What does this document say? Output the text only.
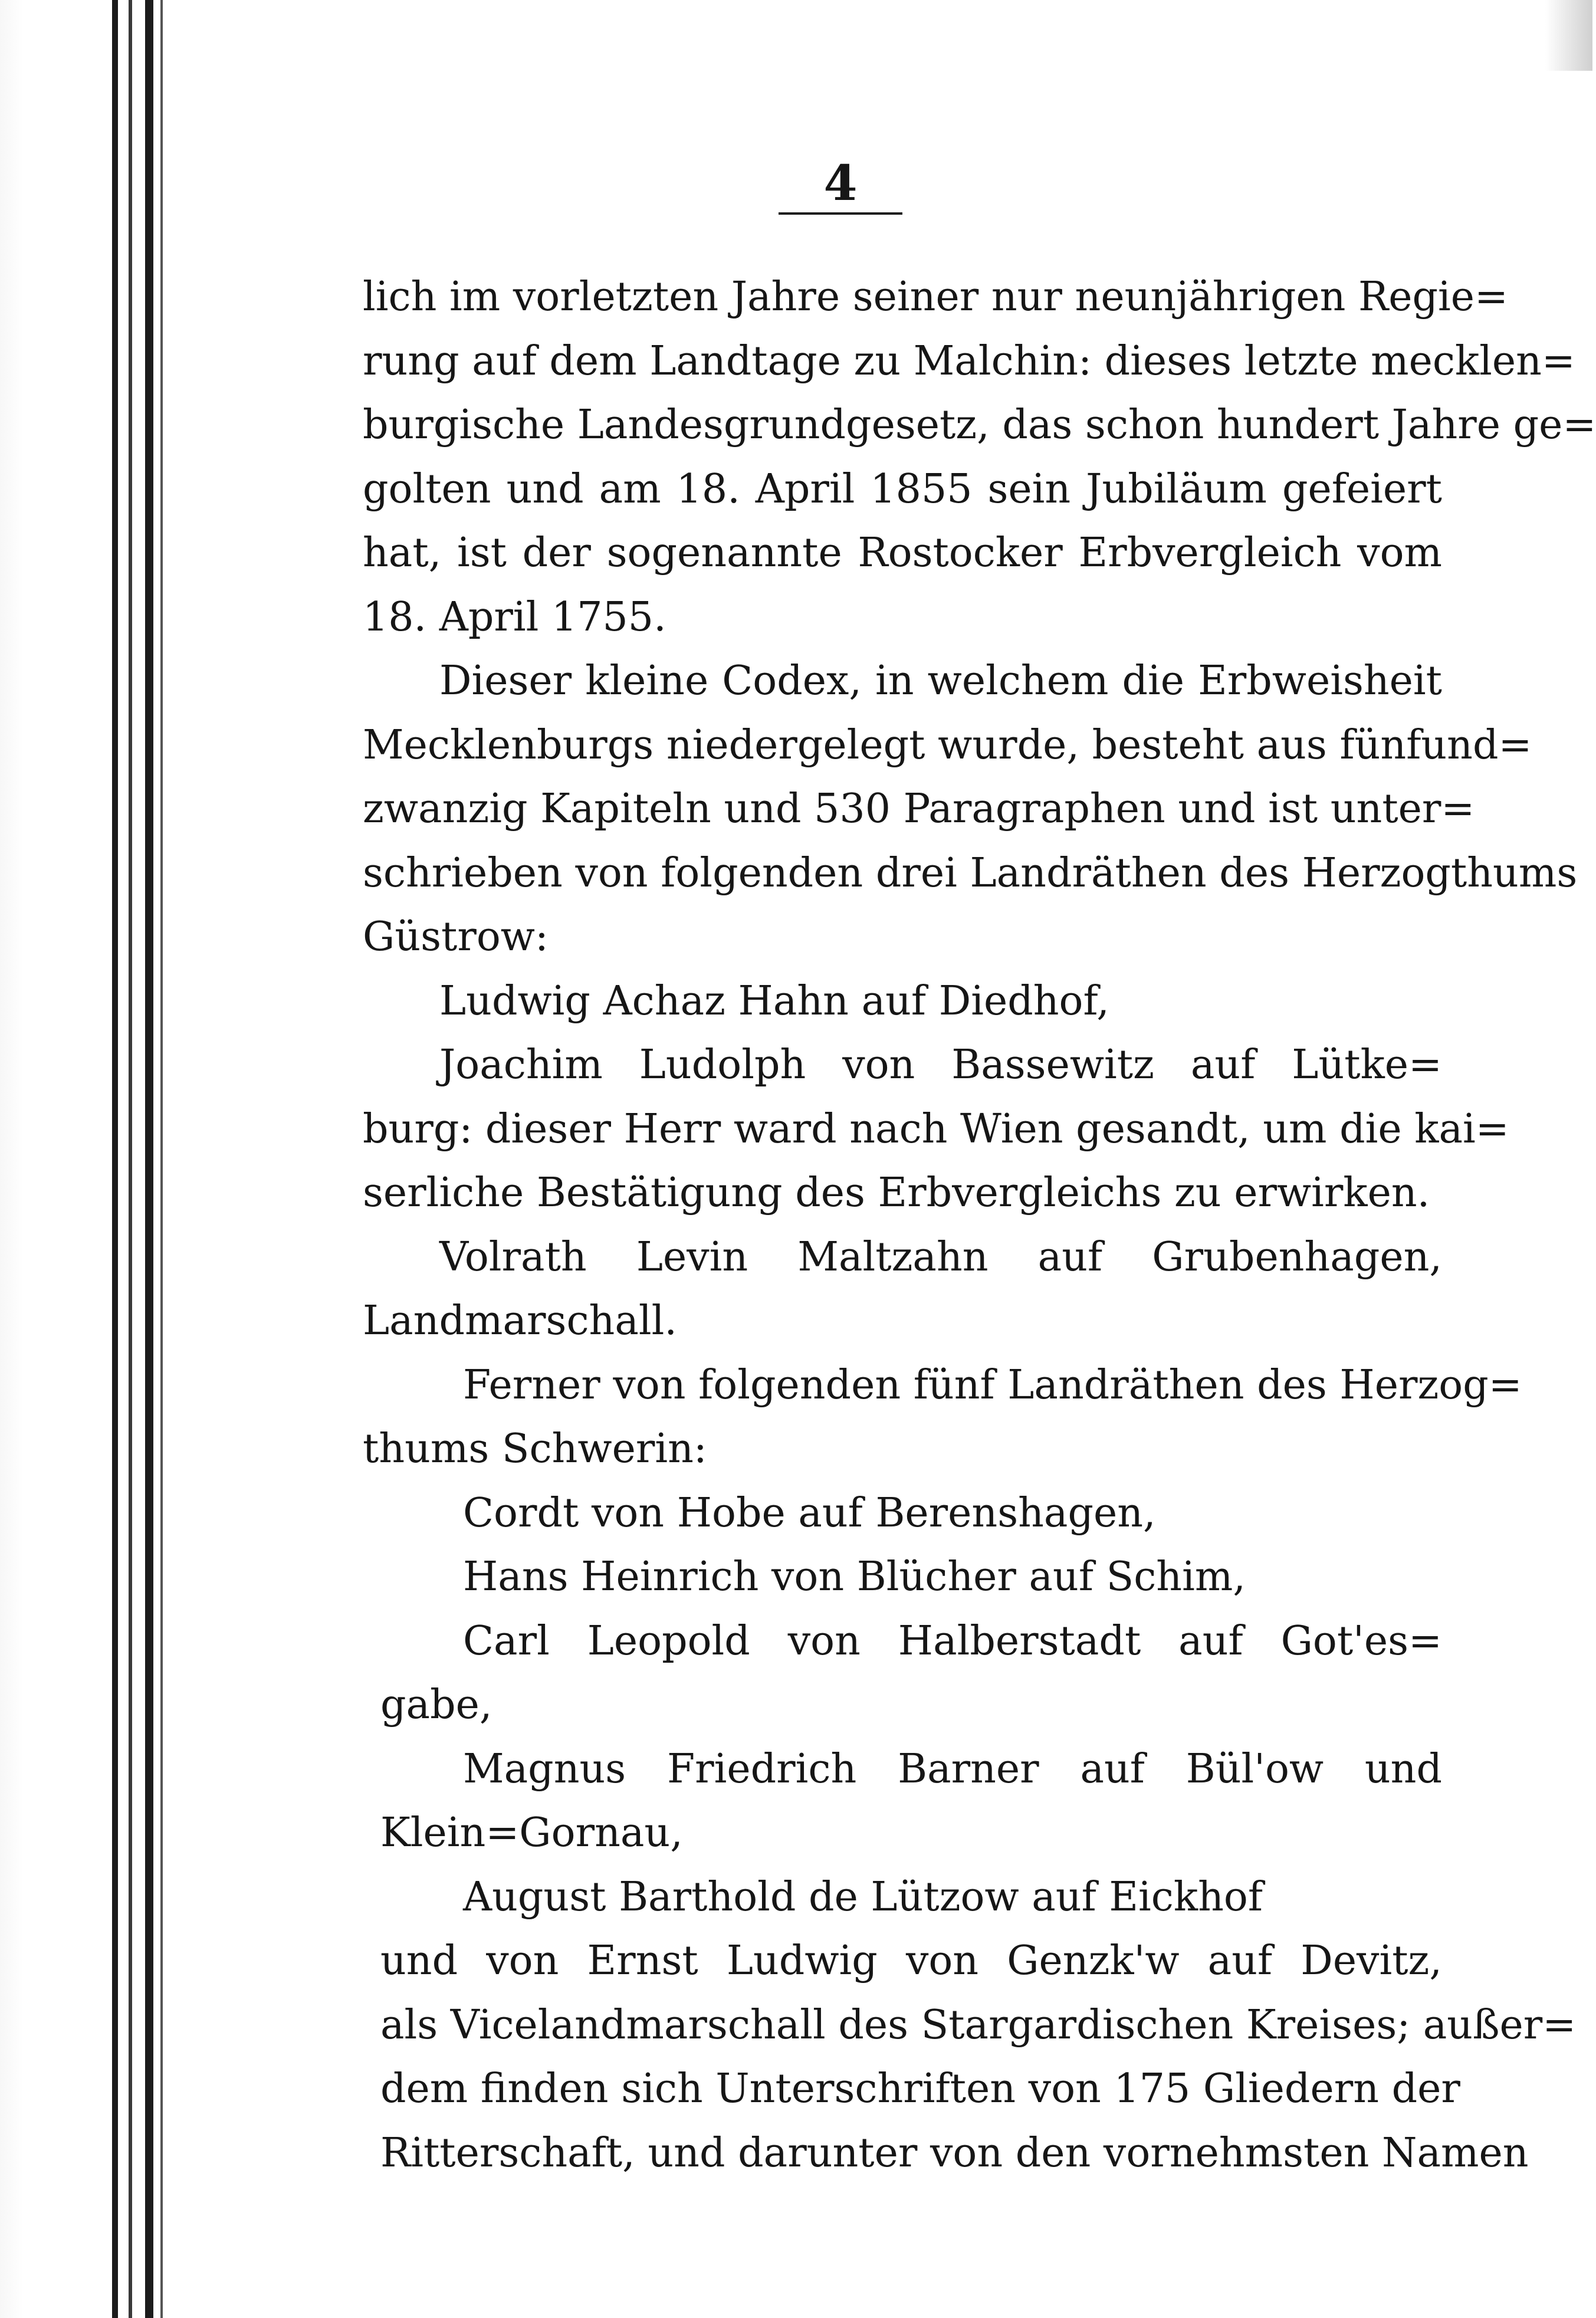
4
lich im vorletzten Jahre seiner nur neunjährigen Regie=
rung auf dem Landtage zu Malchin: dieses letzte mecklen=
burgische Landesgrundgesetz, das schon hundert Jahre ge=
golten und am 18. April 1855 sein Jubiläum gefeiert
hat, ist der sogenannte Rostocker Erbvergleich vom
18. April 1755.
Dieser kleine Codex, in welchem die Erbweisheit
Mecklenburgs niedergelegt wurde, besteht aus fünfund=
zwanzig Kapiteln und 530 Paragraphen und ist unter=
schrieben von folgenden drei Landräthen des Herzogthums
Güstrow:
Ludwig Achaz Hahn auf Diedhof,
Joachim Ludolph von Bassewitz auf Lütke=
burg: dieser Herr ward nach Wien gesandt, um die kai=
serliche Bestätigung des Erbvergleichs zu erwirken.
Volrath Levin Maltzahn auf Grubenhagen,
Landmarschall.
Ferner von folgenden fünf Landräthen des Herzog=
thums Schwerin:
Cordt von Hobe auf Berenshagen,
Hans Heinrich von Blücher auf Schim,
Carl Leopold von Halberstadt auf Got'es=
gabe,
Magnus Friedrich Barner auf Bül'ow und
Klein=Gornau,
August Barthold de Lützow auf Eickhof
und von Ernst Ludwig von Genzk'w auf Devitz,
als Vicelandmarschall des Stargardischen Kreises; außer=
dem finden sich Unterschriften von 175 Gliedern der
Ritterschaft, und darunter von den vornehmsten Namen
